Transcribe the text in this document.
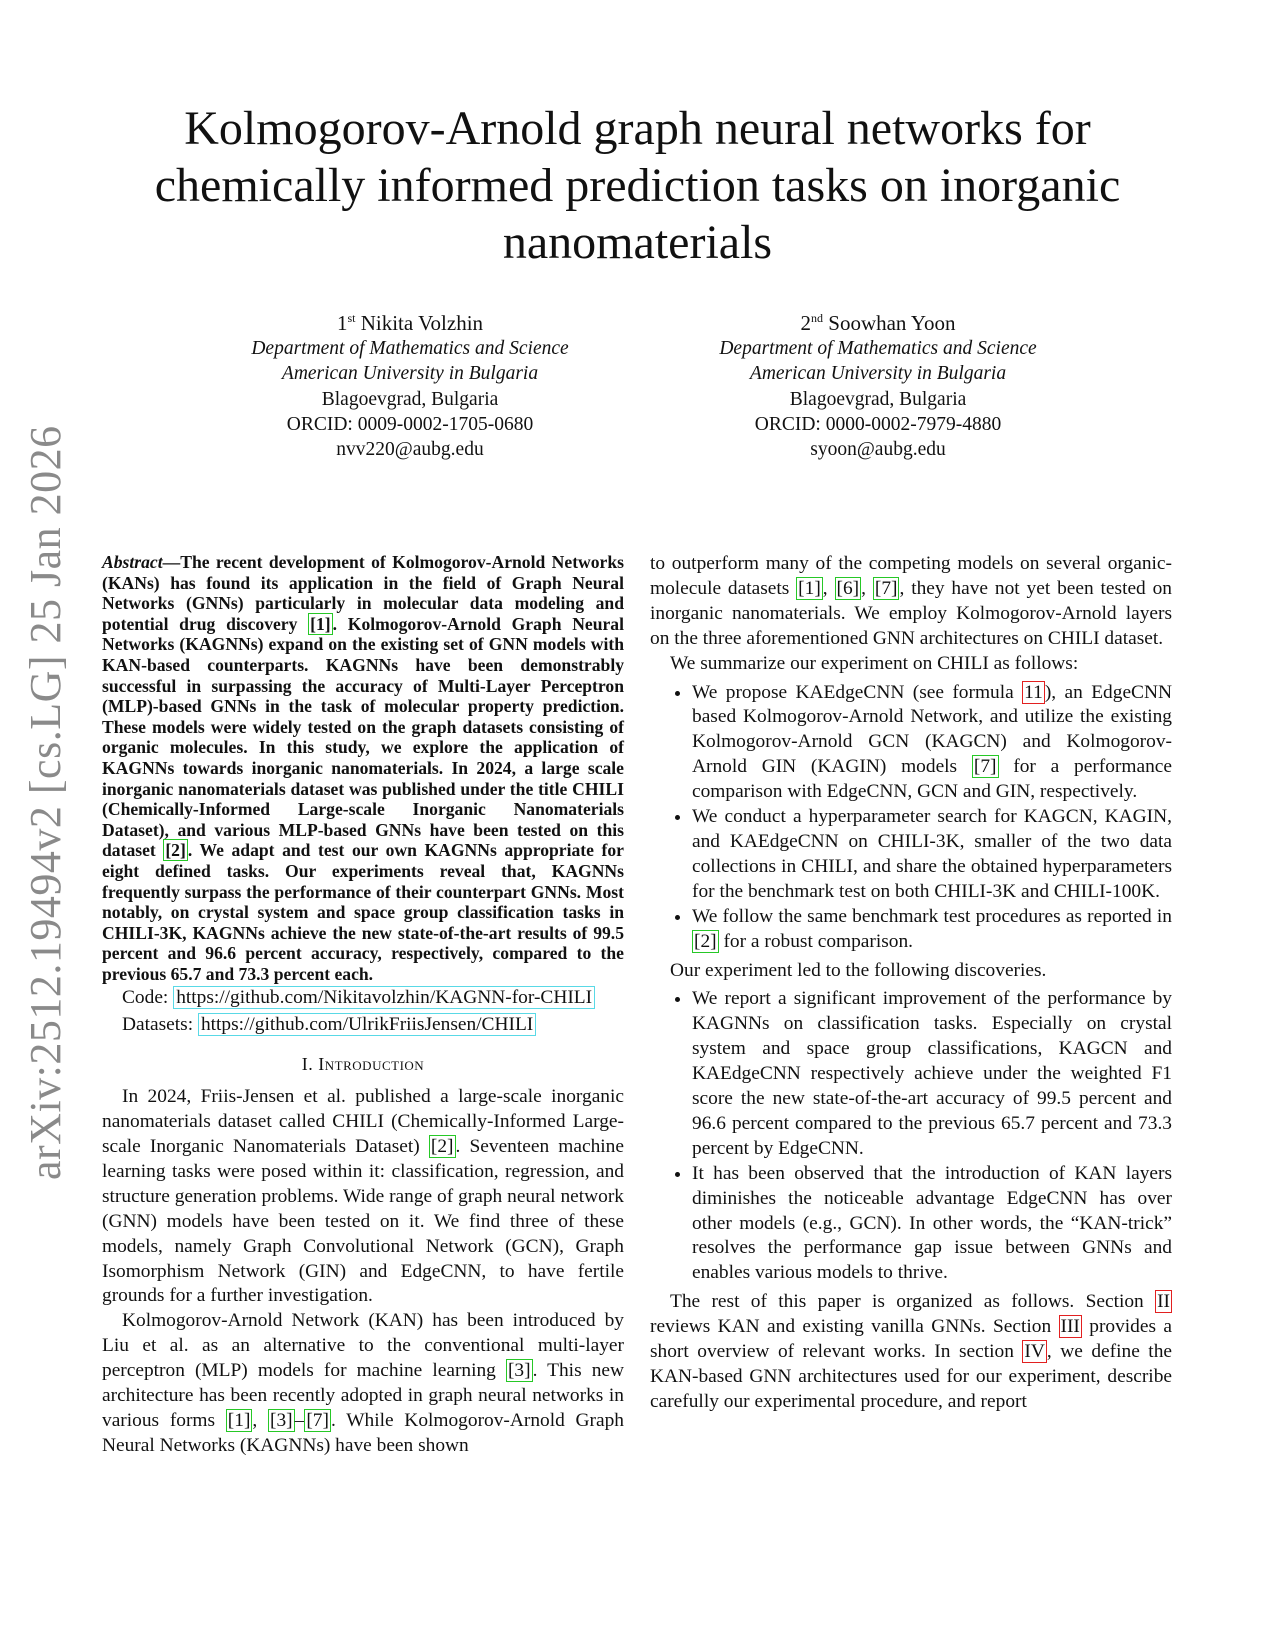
Kolmogorov-Arnold graph neural networks for chemically informed prediction tasks on inorganic nanomaterials
arXiv:2512.19494v2 [cs.LG] 25 Jan 2026
1st Nikita Volzhin
Department of Mathematics and Science
American University in Bulgaria
Blagoevgrad, Bulgaria
ORCID: 0009-0002-1705-0680
nvv220@aubg.edu
2nd Soowhan Yoon
Department of Mathematics and Science
American University in Bulgaria
Blagoevgrad, Bulgaria
ORCID: 0000-0002-7979-4880
syoon@aubg.edu

Abstract—The recent development of Kolmogorov-Arnold Networks (KANs) has found its application in the field of Graph Neural Networks (GNNs) particularly in molecular data modeling and potential drug discovery [1] . Kolmogorov-Arnold Graph Neural Networks (KAGNNs) expand on the existing set of GNN models with KAN-based counterparts. KAGNNs have been demonstrably successful in surpassing the accuracy of Multi-Layer Perceptron (MLP)-based GNNs in the task of molecular property prediction. These models were widely tested on the graph datasets consisting of organic molecules. In this study, we explore the application of KAGNNs towards inorganic nanomaterials. In 2024, a large scale inorganic nanomaterials dataset was published under the title CHILI (Chemically-Informed Large-scale Inorganic Nanomaterials Dataset), and various MLP-based GNNs have been tested on this dataset [2] . We adapt and test our own KAGNNs appropriate for eight defined tasks. Our experiments reveal that, KAGNNs frequently surpass the performance of their counterpart GNNs. Most notably, on crystal system and space group classification tasks in CHILI-3K, KAGNNs achieve the new state-of-the-art results of 99.5 percent and 96.6 percent accuracy, respectively, compared to the previous 65.7 and 73.3 percent each.

Code: https://github.com/Nikitavolzhin/KAGNN-for-CHILI
Datasets: https://github.com/UlrikFriisJensen/CHILI
I. Introduction

In 2024, Friis-Jensen et al. published a large-scale inorganic nanomaterials dataset called CHILI (Chemically-Informed Large-scale Inorganic Nanomaterials Dataset) [2] . Seventeen machine learning tasks were posed within it: classification, regression, and structure generation problems. Wide range of graph neural network (GNN) models have been tested on it. We find three of these models, namely Graph Convolutional Network (GCN), Graph Isomorphism Network (GIN) and EdgeCNN, to have fertile grounds for a further investigation.

Kolmogorov-Arnold Network (KAN) has been introduced by Liu et al. as an alternative to the conventional multi-layer perceptron (MLP) models for machine learning [3] . This new architecture has been recently adopted in graph neural networks in various forms [1] , [3] – [7] . While Kolmogorov-Arnold Graph Neural Networks (KAGNNs) have been shown

to outperform many of the competing models on several organic-molecule datasets [1] , [6] , [7] , they have not yet been tested on inorganic nanomaterials. We employ Kolmogorov-Arnold layers on the three aforementioned GNN architectures on CHILI dataset.

We summarize our experiment on CHILI as follows:

• We propose KAEdgeCNN (see formula 11 ), an EdgeCNN based Kolmogorov-Arnold Network, and utilize the existing Kolmogorov-Arnold GCN (KAGCN) and Kolmogorov-Arnold GIN (KAGIN) models [7] for a performance comparison with EdgeCNN, GCN and GIN, respectively.
• We conduct a hyperparameter search for KAGCN, KAGIN, and KAEdgeCNN on CHILI-3K, smaller of the two data collections in CHILI, and share the obtained hyperparameters for the benchmark test on both CHILI-3K and CHILI-100K.
• We follow the same benchmark test procedures as reported in [2] for a robust comparison.

Our experiment led to the following discoveries.

• We report a significant improvement of the performance by KAGNNs on classification tasks. Especially on crystal system and space group classifications, KAGCN and KAEdgeCNN respectively achieve under the weighted F1 score the new state-of-the-art accuracy of 99.5 percent and 96.6 percent compared to the previous 65.7 percent and 73.3 percent by EdgeCNN.
• It has been observed that the introduction of KAN layers diminishes the noticeable advantage EdgeCNN has over other models (e.g., GCN). In other words, the “KAN-trick” resolves the performance gap issue between GNNs and enables various models to thrive.

The rest of this paper is organized as follows. Section II reviews KAN and existing vanilla GNNs. Section III provides a short overview of relevant works. In section IV , we define the KAN-based GNN architectures used for our experiment, describe carefully our experimental procedure, and report
